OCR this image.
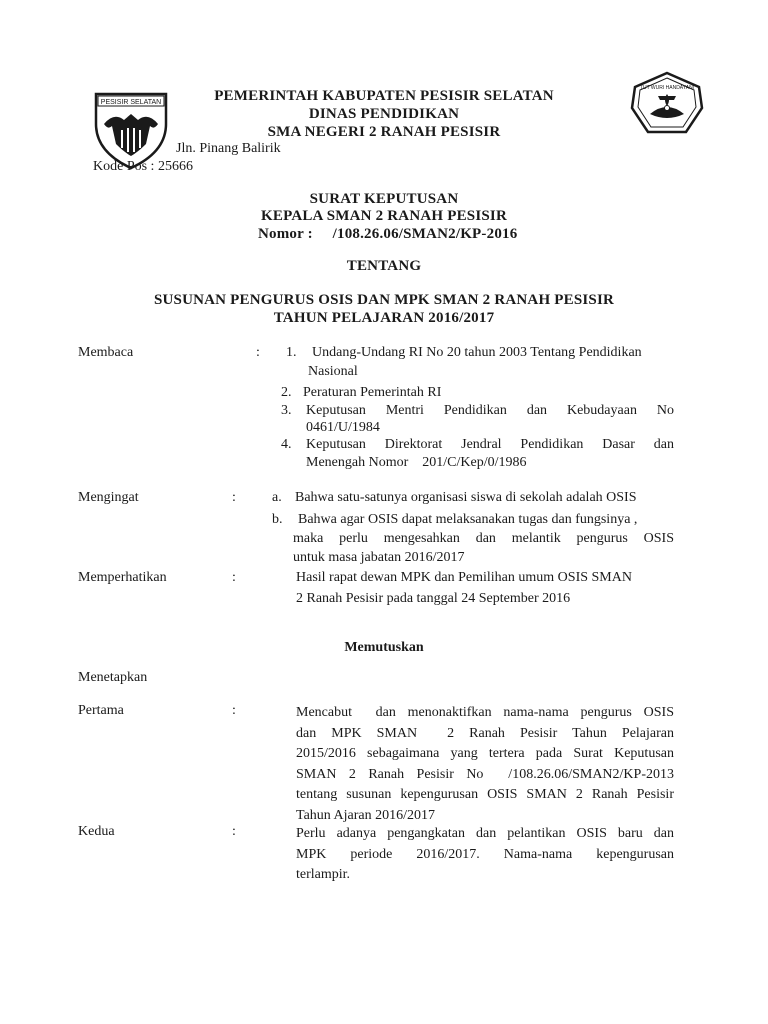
PESISIR SELATAN	PEMERINTAH KABUPATEN PESISIR SELATAN
DINAS PENDIDIKAN
SMA NEGERI 2 RANAH PESISIR
Jln. Pinang Balirik
Kode Pos : 25666
TUT WURI HANDAYANI
SURAT KEPUTUSAN
KEPALA SMAN 2 RANAH PESISIR
Nomor : /108.26.06/SMAN2/KP-2016
TENTANG
SUSUNAN PENGURUS OSIS DAN MPK SMAN 2 RANAH PESISIR
TAHUN PELAJARAN 2016/2017
Membaca	: 1. Undang-Undang RI No 20 tahun 2003 Tentang Pendidikan
Nasional
2. Peraturan Pemerintah RI
3. Keputusan Mentri Pendidikan dan Kebudayaan No
0461/U/1984
4. Keputusan Direktorat Jendral Pendidikan Dasar dan
Menengah Nomor    201/C/Kep/0/1986
Mengingat	:	a. Bahwa satu-satunya organisasi siswa di sekolah adalah OSIS
b. Bahwa agar OSIS dapat melaksanakan tugas dan fungsinya ,
maka perlu mengesahkan dan melantik pengurus OSIS
untuk masa jabatan 2016/2017
Memperhatikan	:	Hasil rapat dewan MPK dan Pemilihan umum OSIS SMAN
2 Ranah Pesisir pada tanggal 24 September 2016
Memutuskan
Menetapkan
Pertama	:	Mencabut  dan menonaktifkan nama-nama pengurus OSIS
dan MPK SMAN  2 Ranah Pesisir Tahun Pelajaran
2015/2016 sebagaimana yang tertera pada Surat Keputusan
SMAN 2 Ranah Pesisir No  /108.26.06/SMAN2/KP-2013
tentang susunan kepengurusan OSIS SMAN 2 Ranah Pesisir
Tahun Ajaran 2016/2017
Kedua	:	Perlu adanya pengangkatan dan pelantikan OSIS baru dan
MPK periode 2016/2017. Nama-nama kepengurusan
terlampir.
